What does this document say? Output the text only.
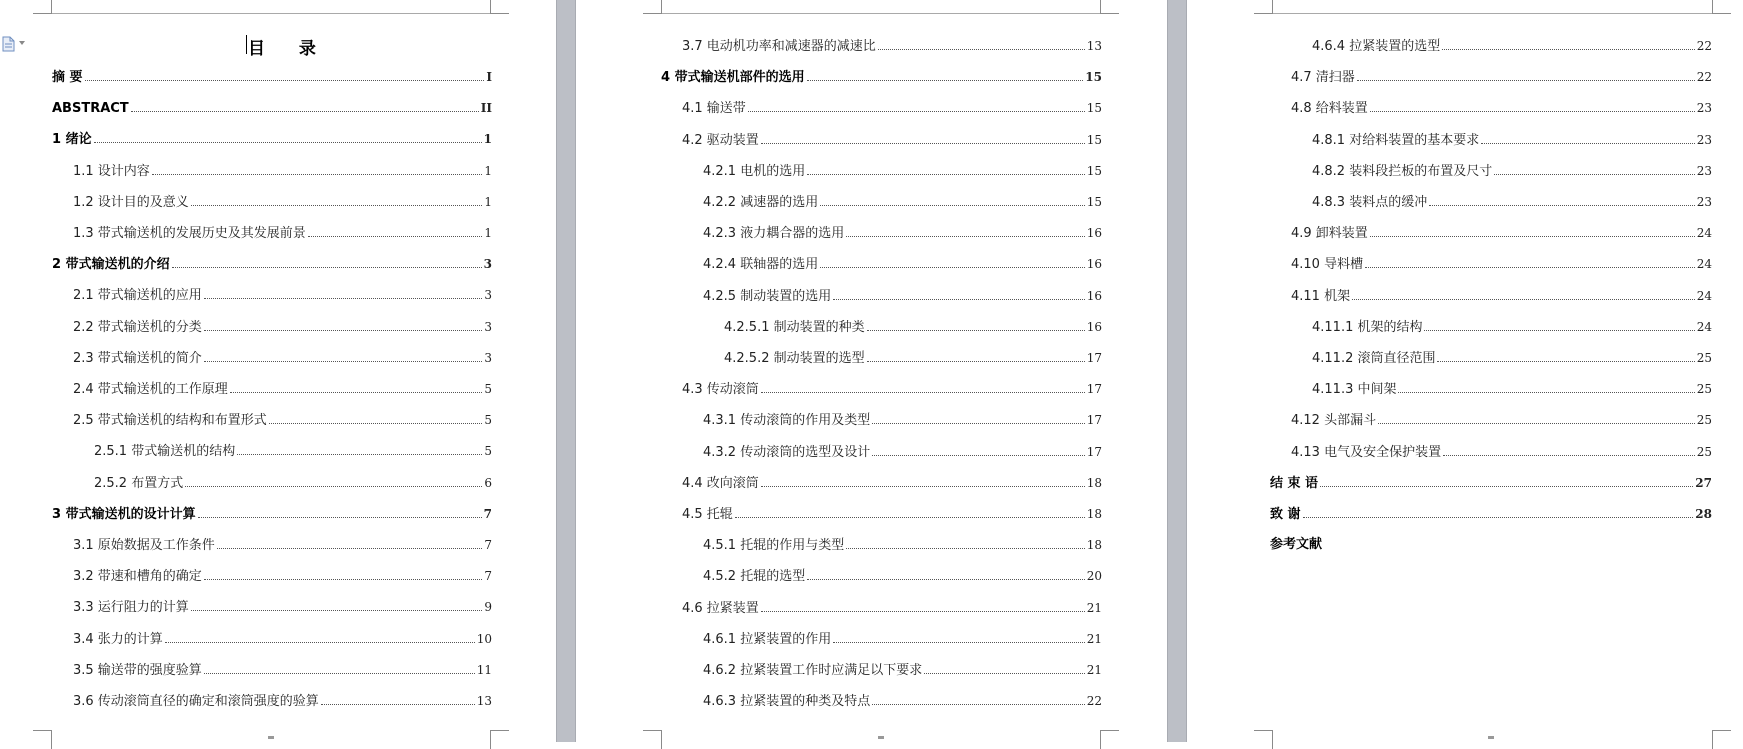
目 录
摘 要	I
ABSTRACT	II
1 绪论	1
1.1 设计内容	1
1.2 设计目的及意义	1
1.3 带式输送机的发展历史及其发展前景	1
2 带式输送机的介绍	3
2.1 带式输送机的应用	3
2.2 带式输送机的分类	3
2.3 带式输送机的简介	3
2.4 带式输送机的工作原理	5
2.5 带式输送机的结构和布置形式	5
2.5.1 带式输送机的结构	5
2.5.2 布置方式	6
3 带式输送机的设计计算	7
3.1 原始数据及工作条件	7
3.2 带速和槽角的确定	7
3.3 运行阻力的计算	9
3.4 张力的计算	10
3.5 输送带的强度验算	11
3.6 传动滚筒直径的确定和滚筒强度的验算	13
3.7 电动机功率和减速器的减速比	13
4 带式输送机部件的选用	15
4.1 输送带	15
4.2 驱动装置	15
4.2.1 电机的选用	15
4.2.2 减速器的选用	15
4.2.3 液力耦合器的选用	16
4.2.4 联轴器的选用	16
4.2.5 制动装置的选用	16
4.2.5.1 制动装置的种类	16
4.2.5.2 制动装置的选型	17
4.3 传动滚筒	17
4.3.1 传动滚筒的作用及类型	17
4.3.2 传动滚筒的选型及设计	17
4.4 改向滚筒	18
4.5 托辊	18
4.5.1 托辊的作用与类型	18
4.5.2 托辊的选型	20
4.6 拉紧装置	21
4.6.1 拉紧装置的作用	21
4.6.2 拉紧装置工作时应满足以下要求	21
4.6.3 拉紧装置的种类及特点	22
4.6.4 拉紧装置的选型	22
4.7 清扫器	22
4.8 给料装置	23
4.8.1 对给料装置的基本要求	23
4.8.2 装料段拦板的布置及尺寸	23
4.8.3 装料点的缓冲	23
4.9 卸料装置	24
4.10 导料槽	24
4.11 机架	24
4.11.1 机架的结构	24
4.11.2 滚筒直径范围	25
4.11.3 中间架	25
4.12 头部漏斗	25
4.13 电气及安全保护装置	25
结 束 语	27
致 谢	28
参考文献
